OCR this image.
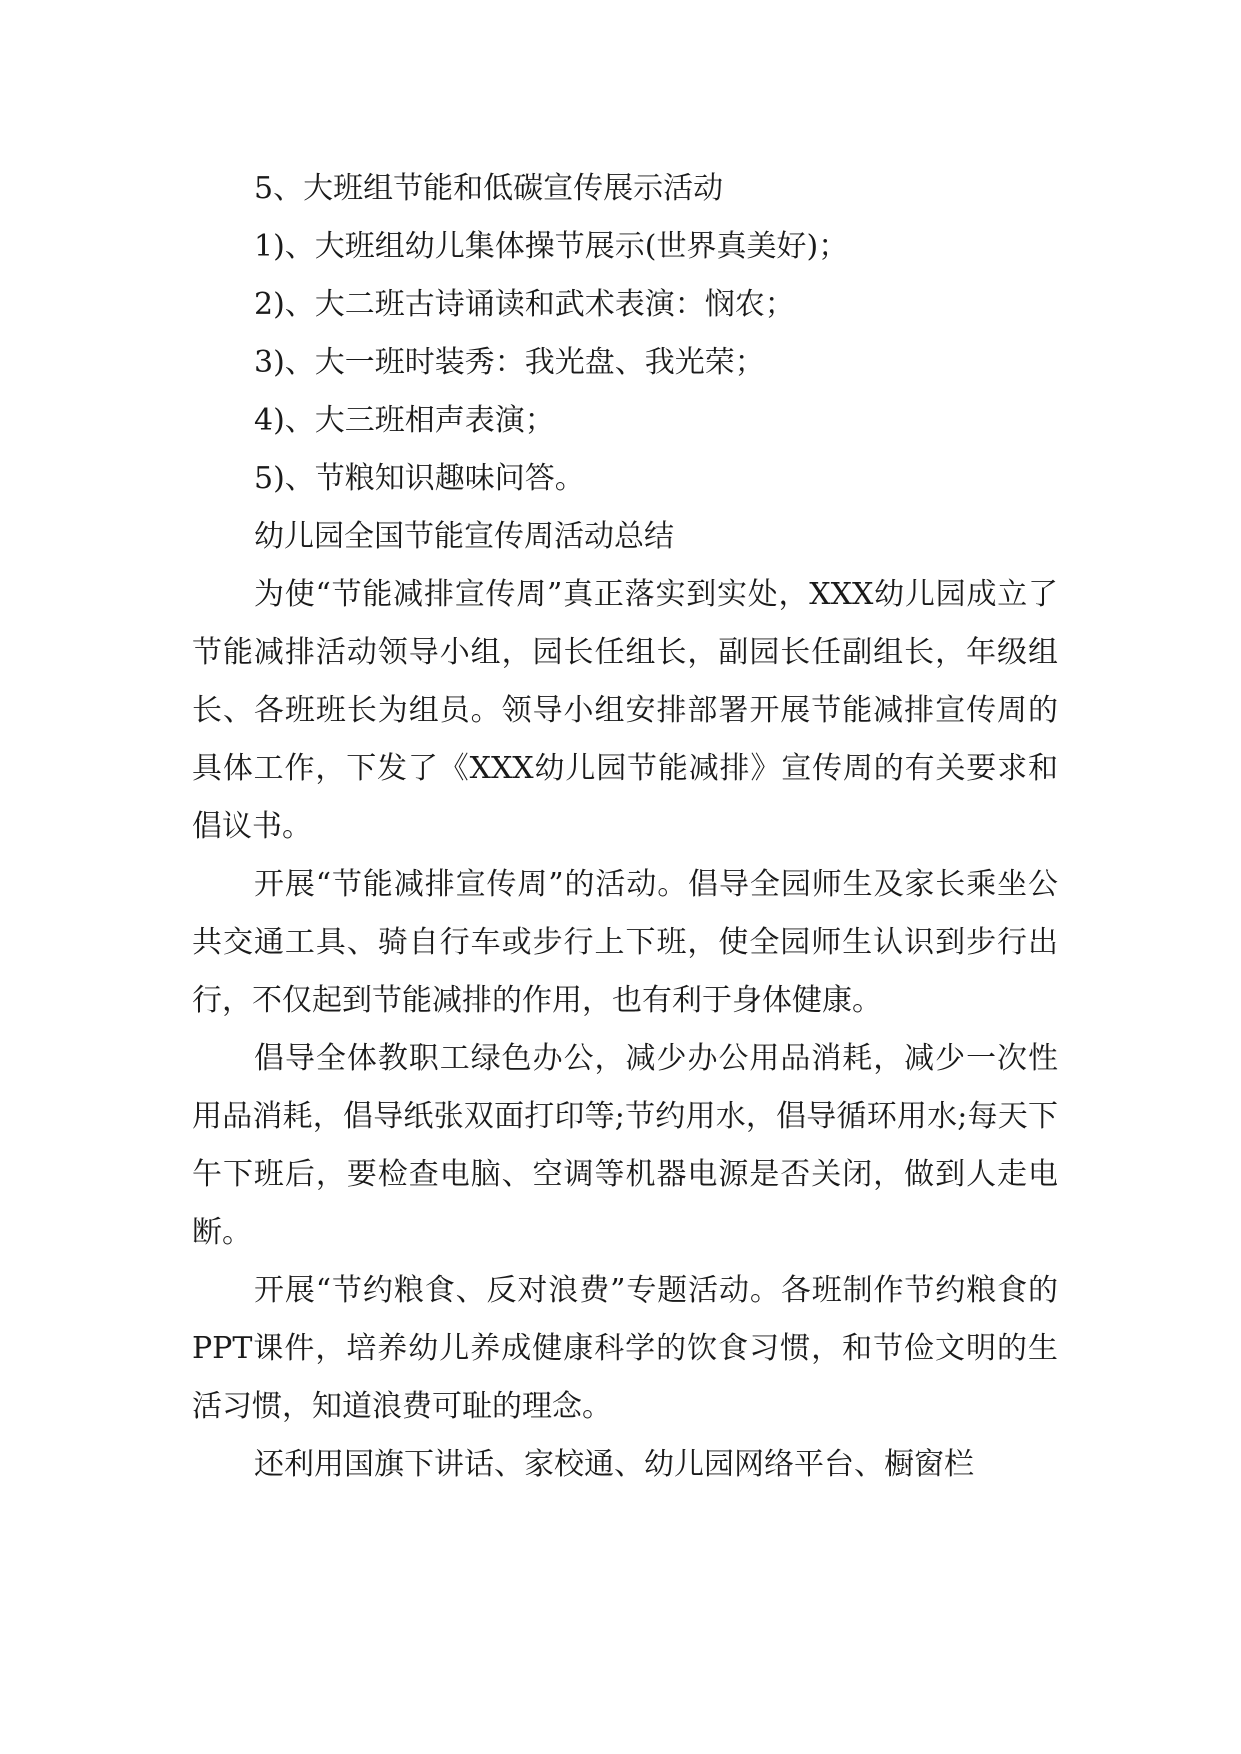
5、大班组节能和低碳宣传展示活动

1)、大班组幼儿集体操节展示(世界真美好)；

2)、大二班古诗诵读和武术表演：悯农；

3)、大一班时装秀：我光盘、我光荣；

4)、大三班相声表演；

5)、节粮知识趣味问答。

幼儿园全国节能宣传周活动总结

为使“节能减排宣传周”真正落实到实处，XXX幼儿园成立了节能减排活动领导小组，园长任组长，副园长任副组长，年级组长、各班班长为组员。领导小组安排部署开展节能减排宣传周的具体工作，下发了《XXX幼儿园节能减排》宣传周的有关要求和倡议书。

开展“节能减排宣传周”的活动。倡导全园师生及家长乘坐公共交通工具、骑自行车或步行上下班，使全园师生认识到步行出行，不仅起到节能减排的作用，也有利于身体健康。

倡导全体教职工绿色办公，减少办公用品消耗，减少一次性用品消耗，倡导纸张双面打印等;节约用水，倡导循环用水;每天下午下班后，要检查电脑、空调等机器电源是否关闭，做到人走电断。

开展“节约粮食、反对浪费”专题活动。各班制作节约粮食的PPT课件，培养幼儿养成健康科学的饮食习惯，和节俭文明的生活习惯，知道浪费可耻的理念。

还利用国旗下讲话、家校通、幼儿园网络平台、橱窗栏
